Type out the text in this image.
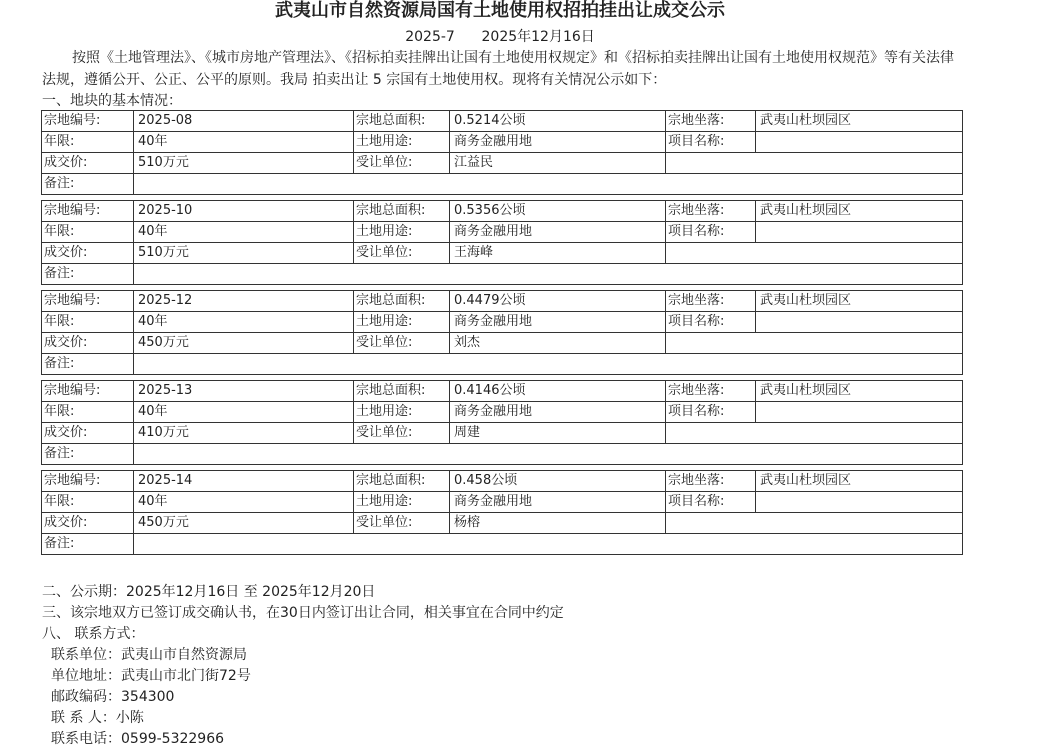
武夷山市自然资源局国有土地使用权招拍挂出让成交公示
2025-7      2025年12月16日

按照《土地管理法》、《城市房地产管理法》、《招标拍卖挂牌出让国有土地使用权规定》和《招标拍卖挂牌出让国有土地使用权规范》等有关法律法规，遵循公开、公正、公平的原则。我局 拍卖出让 5 宗国有土地使用权。现将有关情况公示如下：

一、地块的基本情况：
宗地编号:	2025-08	宗地总面积:	0.5214公顷	宗地坐落:	武夷山杜坝园区
年限:	40年	土地用途:	商务金融用地	项目名称:	
成交价:	510万元	受让单位:	江益民		
备注:					
宗地编号:	2025-10	宗地总面积:	0.5356公顷	宗地坐落:	武夷山杜坝园区
年限:	40年	土地用途:	商务金融用地	项目名称:	
成交价:	510万元	受让单位:	王海峰		
备注:					
宗地编号:	2025-12	宗地总面积:	0.4479公顷	宗地坐落:	武夷山杜坝园区
年限:	40年	土地用途:	商务金融用地	项目名称:	
成交价:	450万元	受让单位:	刘杰		
备注:					
宗地编号:	2025-13	宗地总面积:	0.4146公顷	宗地坐落:	武夷山杜坝园区
年限:	40年	土地用途:	商务金融用地	项目名称:	
成交价:	410万元	受让单位:	周建		
备注:					
宗地编号:	2025-14	宗地总面积:	0.458公顷	宗地坐落:	武夷山杜坝园区
年限:	40年	土地用途:	商务金融用地	项目名称:	
成交价:	450万元	受让单位:	杨榕		
备注:					
二、公示期：2025年12月16日 至 2025年12月20日
三、该宗地双方已签订成交确认书，在30日内签订出让合同，相关事宜在合同中约定
八、 联系方式：
联系单位：武夷山市自然资源局
单位地址：武夷山市北门街72号
邮政编码：354300
联 系 人：小陈
联系电话：0599-5322966
